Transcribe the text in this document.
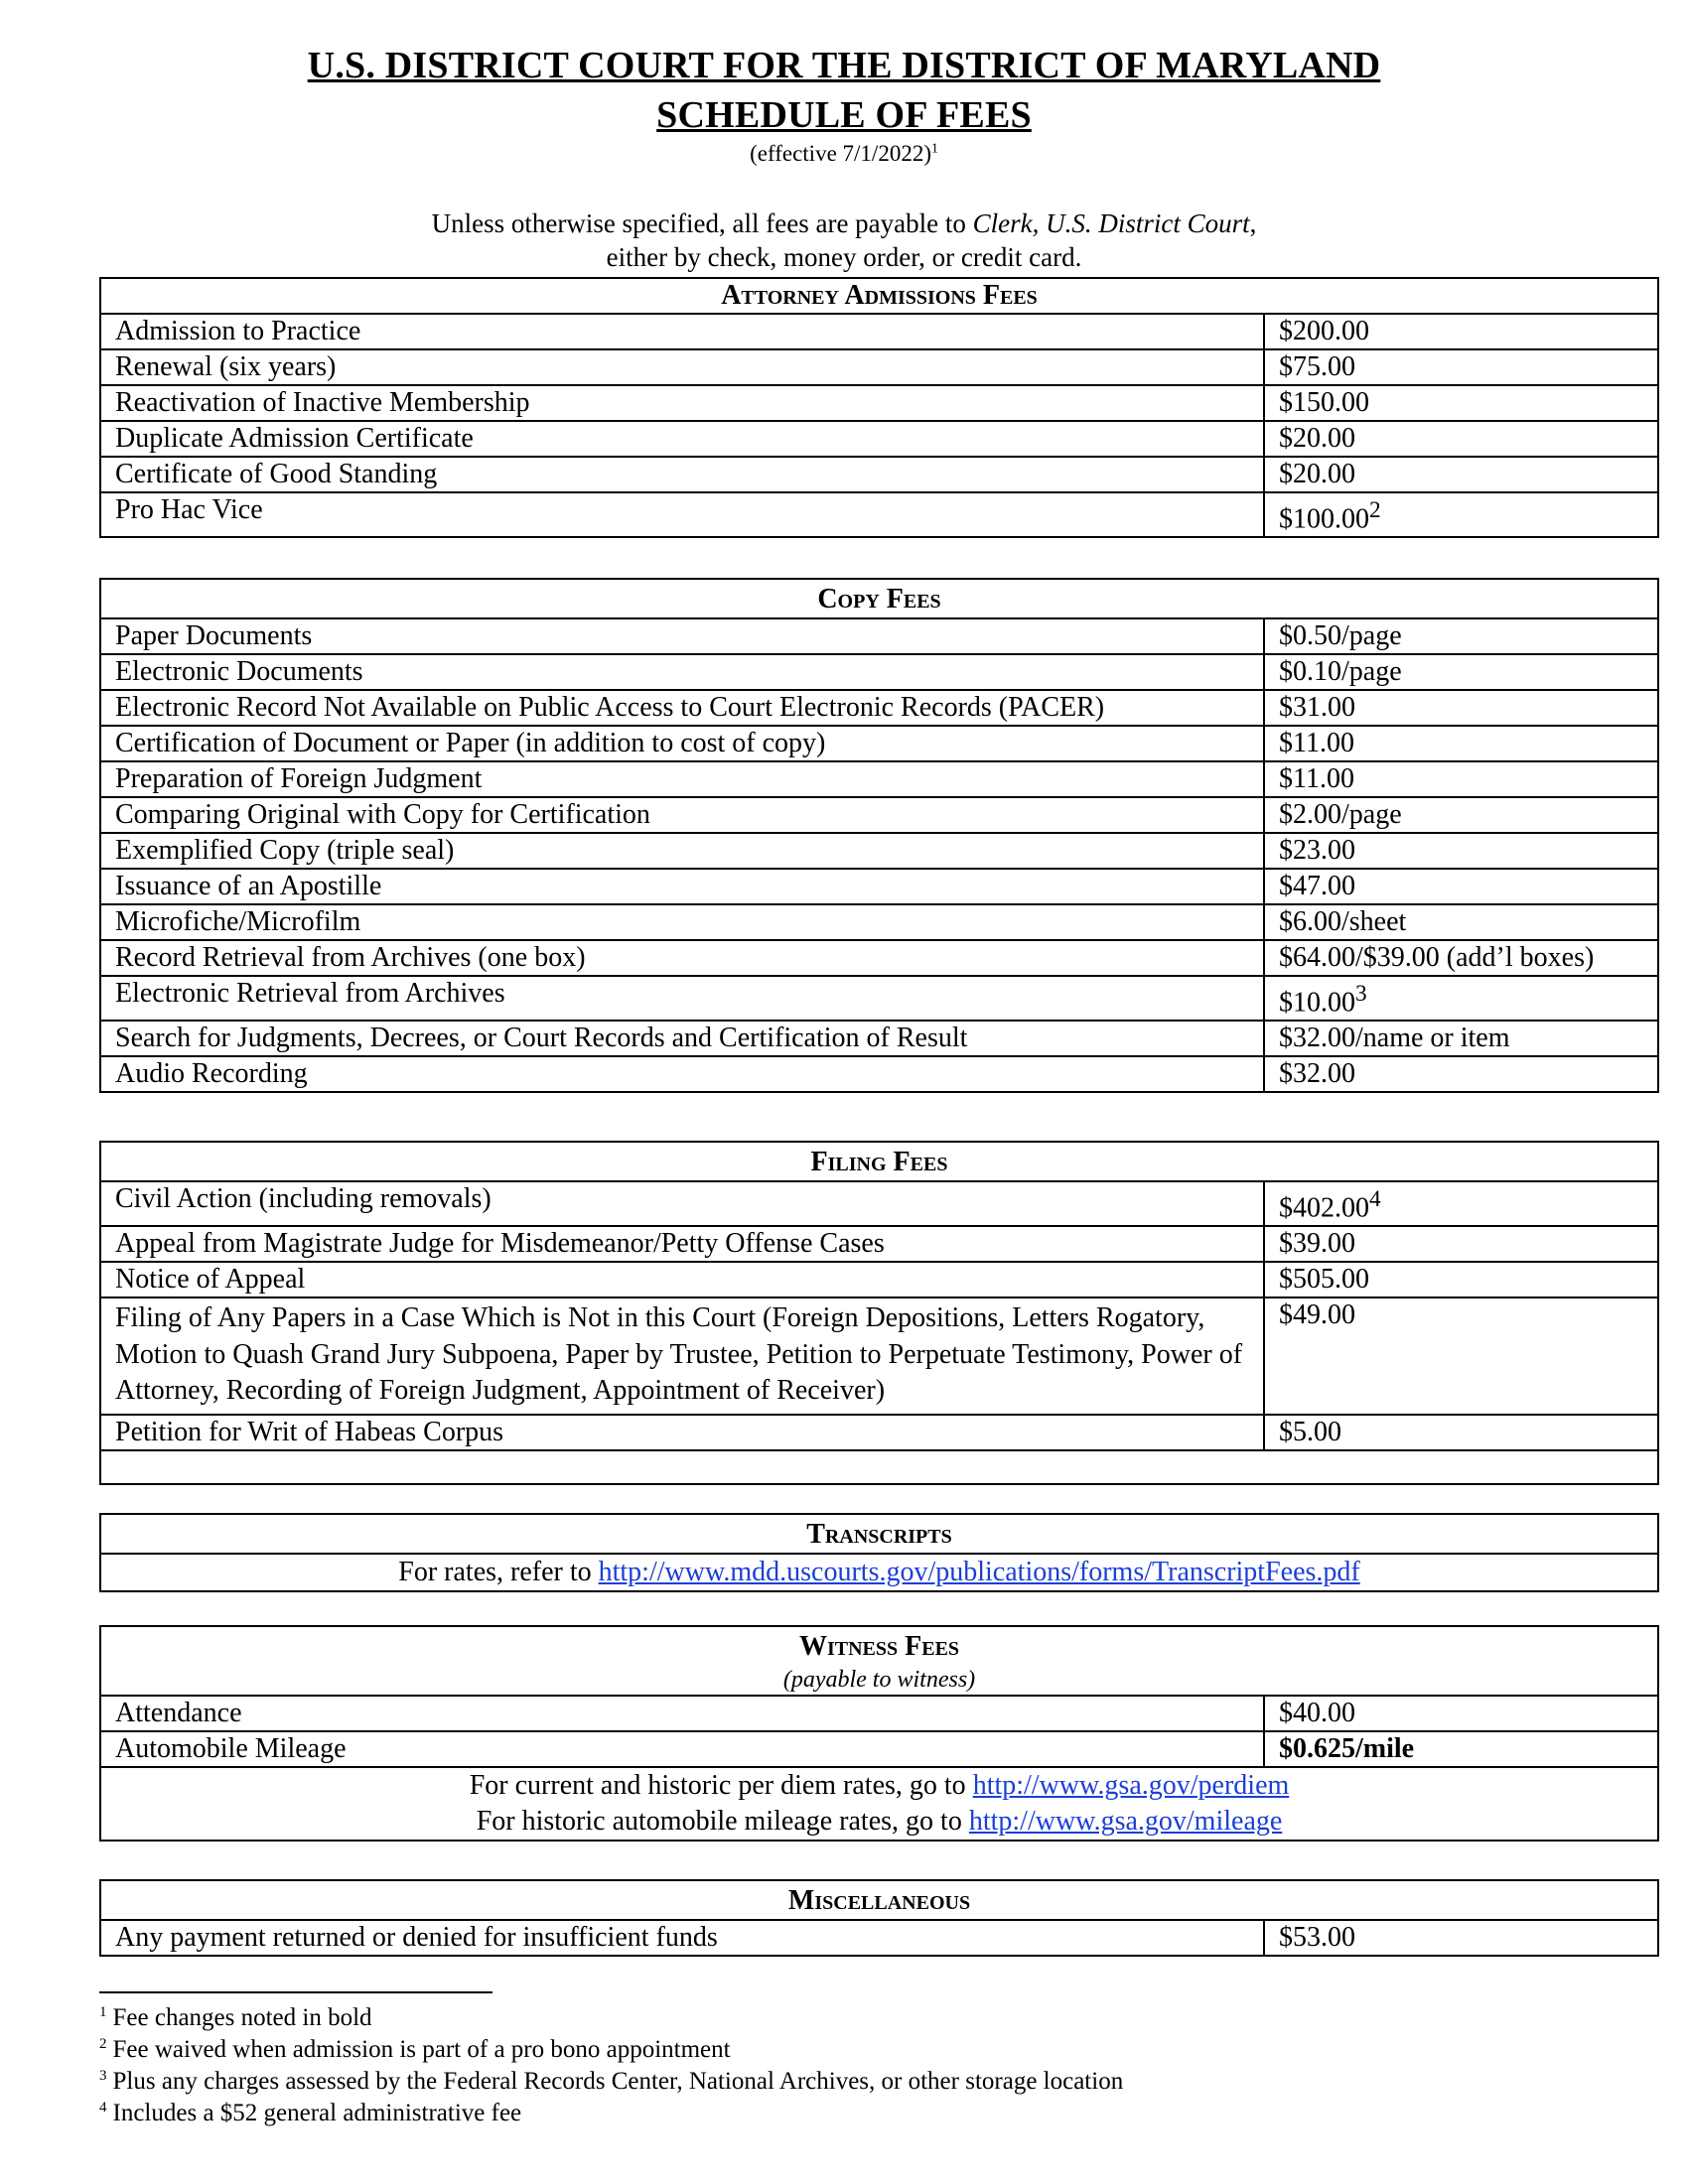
U.S. DISTRICT COURT FOR THE DISTRICT OF MARYLAND
SCHEDULE OF FEES
(effective 7/1/2022)$^1$
Unless otherwise specified, all fees are payable to Clerk, U.S. District Court,
either by check, money order, or credit card.
Attorney Admissions Fees	
Admission to Practice	$200.00
Renewal (six years)	$75.00
Reactivation of Inactive Membership	$150.00
Duplicate Admission Certificate	$20.00
Certificate of Good Standing	$20.00
Pro Hac Vice	$100.00$^2$
Copy Fees	
Paper Documents	$0.50/page
Electronic Documents	$0.10/page
Electronic Record Not Available on Public Access to Court Electronic Records (PACER)	$31.00
Certification of Document or Paper (in addition to cost of copy)	$11.00
Preparation of Foreign Judgment	$11.00
Comparing Original with Copy for Certification	$2.00/page
Exemplified Copy (triple seal)	$23.00
Issuance of an Apostille	$47.00
Microfiche/Microfilm	$6.00/sheet
Record Retrieval from Archives (one box)	$64.00/$39.00 (add’l boxes)
Electronic Retrieval from Archives	$10.00$^3$
Search for Judgments, Decrees, or Court Records and Certification of Result	$32.00/name or item
Audio Recording	$32.00
Filing Fees	
Civil Action (including removals)	$402.00$^4$
Appeal from Magistrate Judge for Misdemeanor/Petty Offense Cases	$39.00
Notice of Appeal	$505.00
Filing of Any Papers in a Case Which is Not in this Court (Foreign Depositions, Letters Rogatory, Motion to Quash Grand Jury Subpoena, Paper by Trustee, Petition to Perpetuate Testimony, Power of Attorney, Recording of Foreign Judgment, Appointment of Receiver)	$49.00
Petition for Writ of Habeas Corpus	$5.00

Transcripts
For rates, refer to http://www.mdd.uscourts.gov/publications/forms/TranscriptFees.pdf
Witness Fees	
(payable to witness)	
Attendance	$40.00
Automobile Mileage	$0.625/mile

For current and historic per diem rates, go to http://www.gsa.gov/perdiem
For historic automobile mileage rates, go to http://www.gsa.gov/mileage	
Miscellaneous
Any payment returned or denied for insufficient funds	$53.00
$^1$ Fee changes noted in bold
$^2$ Fee waived when admission is part of a pro bono appointment
$^3$ Plus any charges assessed by the Federal Records Center, National Archives, or other storage location
$^4$ Includes a $52 general administrative fee
